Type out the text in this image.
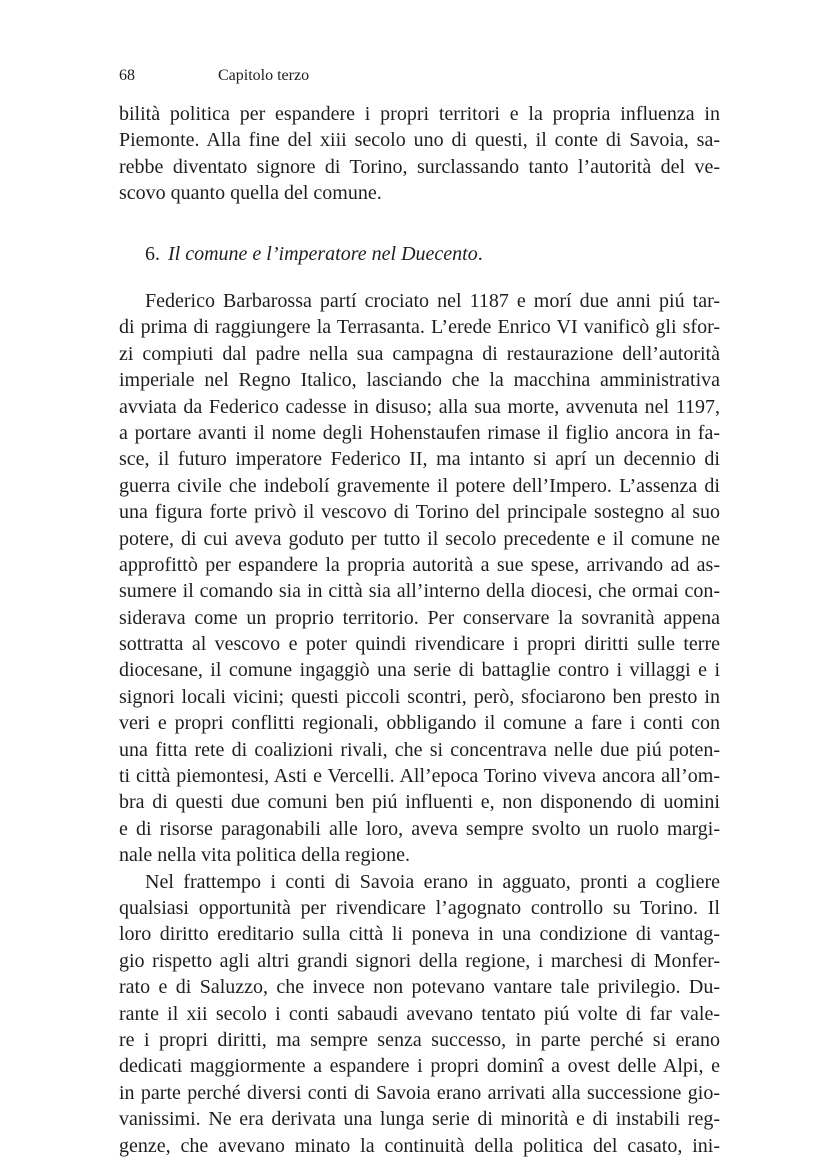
68	Capitolo terzo
bilità politica per espandere i propri territori e la propria influenza in
Piemonte. Alla fine del xiii secolo uno di questi, il conte di Savoia, sa-
rebbe diventato signore di Torino, surclassando tanto l’autorità del ve-
scovo quanto quella del comune.
6. Il comune e l’imperatore nel Duecento.
Federico Barbarossa partí crociato nel 1187 e morí due anni piú tar-
di prima di raggiungere la Terrasanta. L’erede Enrico VI vanificò gli sfor-
zi compiuti dal padre nella sua campagna di restaurazione dell’autorità
imperiale nel Regno Italico, lasciando che la macchina amministrativa
avviata da Federico cadesse in disuso; alla sua morte, avvenuta nel 1197,
a portare avanti il nome degli Hohenstaufen rimase il figlio ancora in fa-
sce, il futuro imperatore Federico II, ma intanto si aprí un decennio di
guerra civile che indebolí gravemente il potere dell’Impero. L’assenza di
una figura forte privò il vescovo di Torino del principale sostegno al suo
potere, di cui aveva goduto per tutto il secolo precedente e il comune ne
approfittò per espandere la propria autorità a sue spese, arrivando ad as-
sumere il comando sia in città sia all’interno della diocesi, che ormai con-
siderava come un proprio territorio. Per conservare la sovranità appena
sottratta al vescovo e poter quindi rivendicare i propri diritti sulle terre
diocesane, il comune ingaggiò una serie di battaglie contro i villaggi e i
signori locali vicini; questi piccoli scontri, però, sfociarono ben presto in
veri e propri conflitti regionali, obbligando il comune a fare i conti con
una fitta rete di coalizioni rivali, che si concentrava nelle due piú poten-
ti città piemontesi, Asti e Vercelli. All’epoca Torino viveva ancora all’om-
bra di questi due comuni ben piú influenti e, non disponendo di uomini
e di risorse paragonabili alle loro, aveva sempre svolto un ruolo margi-
nale nella vita politica della regione.
Nel frattempo i conti di Savoia erano in agguato, pronti a cogliere
qualsiasi opportunità per rivendicare l’agognato controllo su Torino. Il
loro diritto ereditario sulla città li poneva in una condizione di vantag-
gio rispetto agli altri grandi signori della regione, i marchesi di Monfer-
rato e di Saluzzo, che invece non potevano vantare tale privilegio. Du-
rante il xii secolo i conti sabaudi avevano tentato piú volte di far vale-
re i propri diritti, ma sempre senza successo, in parte perché si erano
dedicati maggiormente a espandere i propri dominî a ovest delle Alpi, e
in parte perché diversi conti di Savoia erano arrivati alla successione gio-
vanissimi. Ne era derivata una lunga serie di minorità e di instabili reg-
genze, che avevano minato la continuità della politica del casato, ini-
